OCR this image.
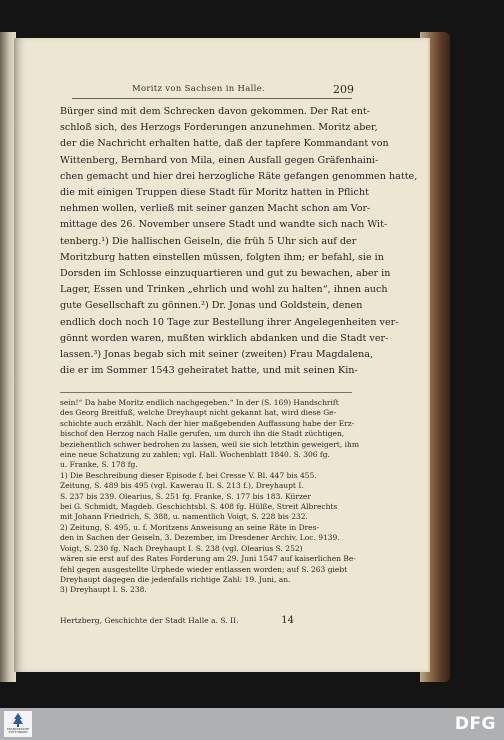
Moritz von Sachsen in Halle.	209
Bürger sind mit dem Schrecken davon gekommen. Der Rat ent-
schloß sich, des Herzogs Forderungen anzunehmen. Moritz aber,
der die Nachricht erhalten hatte, daß der tapfere Kommandant von
Wittenberg, Bernhard von Mila, einen Ausfall gegen Gräfenhaini-
chen gemacht und hier drei herzogliche Räte gefangen genommen hatte,
die mit einigen Truppen diese Stadt für Moritz hatten in Pflicht
nehmen wollen, verließ mit seiner ganzen Macht schon am Vor-
mittage des 26. November unsere Stadt und wandte sich nach Wit-
tenberg.¹) Die hallischen Geiseln, die früh 5 Uhr sich auf der
Moritzburg hatten einstellen müssen, folgten ihm; er befahl, sie in
Dorsden im Schlosse einzuquartieren und gut zu bewachen, aber in
Lager, Essen und Trinken „ehrlich und wohl zu halten“, ihnen auch
gute Gesellschaft zu gönnen.²) Dr. Jonas und Goldstein, denen
endlich doch noch 10 Tage zur Bestellung ihrer Angelegenheiten ver-
gönnt worden waren, mußten wirklich abdanken und die Stadt ver-
lassen.³) Jonas begab sich mit seiner (zweiten) Frau Magdalena,
die er im Sommer 1543 geheiratet hatte, und mit seinen Kin-
sein!“ Da habe Moritz endlich nachgegeben.“ In der (S. 169) Handschrift
des Georg Breitfuß, welche Dreyhaupt nicht gekannt hat, wird diese Ge-
schichte auch erzählt. Nach der hier maßgebenden Auffassung habe der Erz-
bischof den Herzog nach Halle gerufen, um durch ihn die Stadt züchtigen,
beziehentlich schwer bedrohen zu lassen, weil sie sich letzthin geweigert, ihm
eine neue Schatzung zu zahlen; vgl. Hall. Wochenblatt 1840. S. 306 fg.
u. Franke, S. 178 fg.
1) Die Beschreibung dieser Episode f. bei Cresse V. Bl. 447 bis 455.
Zeitung, S. 489 bis 495 (vgl. Kawerau II. S. 213 f.), Dreyhaupt I.
S. 237 bis 239. Olearius, S. 251 fg. Franke, S. 177 bis 183. Kürzer
bei G. Schmidt, Magdeb. Geschichtsbl. S. 408 fg. Hülße, Streit Albrechts
mit Johann Friedrich, S. 388, u. namentlich Voigt, S. 228 bis 232.
2) Zeitung, S. 495, u. f. Moritzens Anweisung an seine Räte in Dres-
den in Sachen der Geiseln, 3. Dezember, im Dresdener Archiv, Loc. 9139.
Voigt, S. 230 fg. Nach Dreyhaupt I. S. 238 (vgl. Olearius S. 252)
wären sie erst auf des Rates Forderung am 29. Juni 1547 auf kaiserlichen Be-
fehl gegen ausgestellte Urphede wieder entlassen worden; auf S. 263 giebt
Dreyhaupt dagegen die jedenfalls richtige Zahl: 19. Juni, an.
3) Dreyhaupt I. S. 238.
Hertzberg, Geschichte der Stadt Halle a. S. II.	14
FRANCKESCHE STIFTUNGEN	DFG
